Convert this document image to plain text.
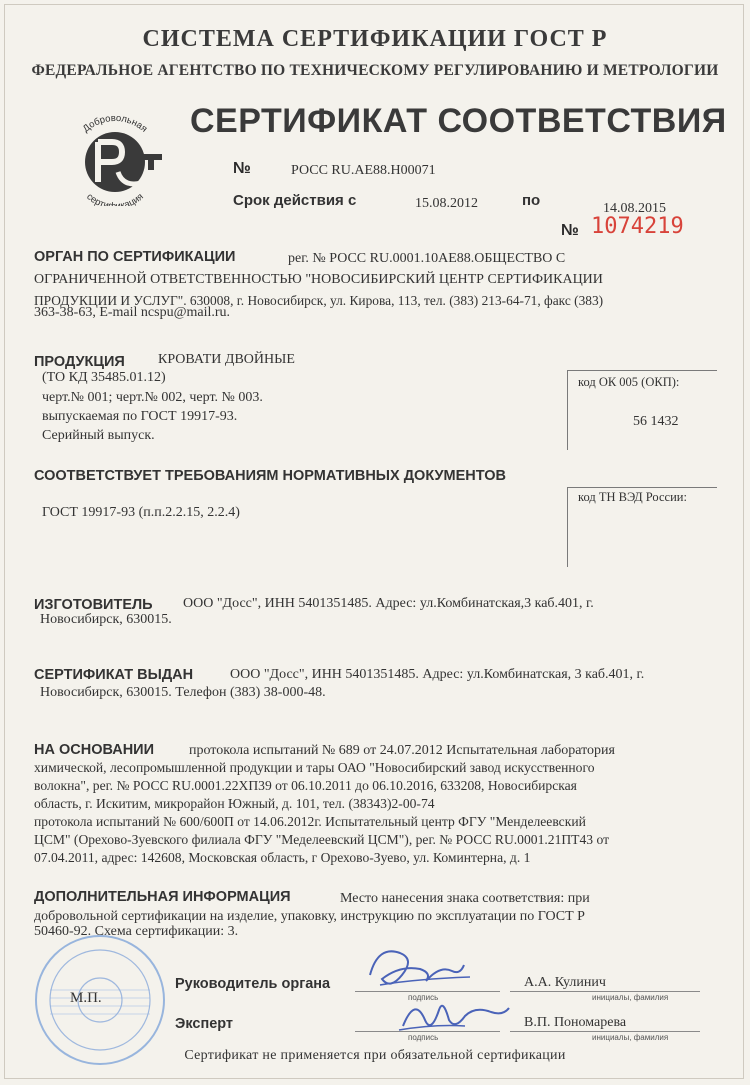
СИСТЕМА СЕРТИФИКАЦИИ ГОСТ Р
ФЕДЕРАЛЬНОЕ АГЕНТСТВО ПО ТЕХНИЧЕСКОМУ РЕГУЛИРОВАНИЮ И МЕТРОЛОГИИ
Добровольная
серти кация
СЕРТИФИКАТ СООТВЕТСТВИЯ
№	РОСС RU.АЕ88.Н00071
Срок действия с	15.08.2012	по	14.08.2015
№ 1074219
ОРГАН ПО СЕРТИФИКАЦИИ	рег. № РОСС RU.0001.10АЕ88.ОБЩЕСТВО С
ОГРАНИЧЕННОЙ ОТВЕТСТВЕННОСТЬЮ "НОВОСИБИРСКИЙ ЦЕНТР СЕРТИФИКАЦИИ
ПРОДУКЦИИ И УСЛУГ". 630008, г. Новосибирск, ул. Кирова, 113, тел. (383) 213-64-71, факс (383)
363-38-63, E-mail ncspu@mail.ru.
ПРОДУКЦИЯ КРОВАТИ ДВОЙНЫЕ
(ТО КД 35485.01.12)
черт.№ 001; черт.№ 002, черт. № 003.
выпускаемая по ГОСТ 19917-93.
Серийный выпуск.
код ОК 005 (ОКП):
56 1432
СООТВЕТСТВУЕТ ТРЕБОВАНИЯМ НОРМАТИВНЫХ ДОКУМЕНТОВ
ГОСТ 19917-93 (п.п.2.2.15, 2.2.4)
код ТН ВЭД России:
ИЗГОТОВИТЕЛЬ ООО "Досс", ИНН 5401351485. Адрес: ул.Комбинатская,3 каб.401, г.
Новосибирск, 630015.
СЕРТИФИКАТ ВЫДАН	ООО "Досс", ИНН 5401351485. Адрес: ул.Комбинатская, 3 каб.401, г.
Новосибирск, 630015. Телефон (383) 38-000-48.
НА ОСНОВАНИИ протокола испытаний № 689 от 24.07.2012 Испытательная лаборатория
химической, лесопромышленной продукции и тары ОАО "Новосибирский завод искусственного
волокна", рег. № РОСС RU.0001.22ХП39 от 06.10.2011 до 06.10.2016, 633208, Новосибирская
область, г. Искитим, микрорайон Южный, д. 101, тел. (38343)2-00-74
протокола испытаний № 600/600П от 14.06.2012г. Испытательный центр ФГУ "Менделеевский
ЦСМ" (Орехово-Зуевского филиала ФГУ "Меделеевский ЦСМ"), рег. № РОСС RU.0001.21ПТ43 от
07.04.2011, адрес: 142608, Московская область, г Орехово-Зуево, ул. Коминтерна, д. 1
ДОПОЛНИТЕЛЬНАЯ ИНФОРМАЦИЯ	Место нанесения знака соответствия: при
добровольной сертификации на изделие, упаковку, инструкцию по эксплуатации по ГОСТ Р
50460-92. Схема сертификации: 3.
М.П.
Руководитель органа
подпись
А.А. Кулинич
инициалы, фамилия
Эксперт
подпись
В.П. Пономарева
инициалы, фамилия
Сертификат не применяется при обязательной сертификации
